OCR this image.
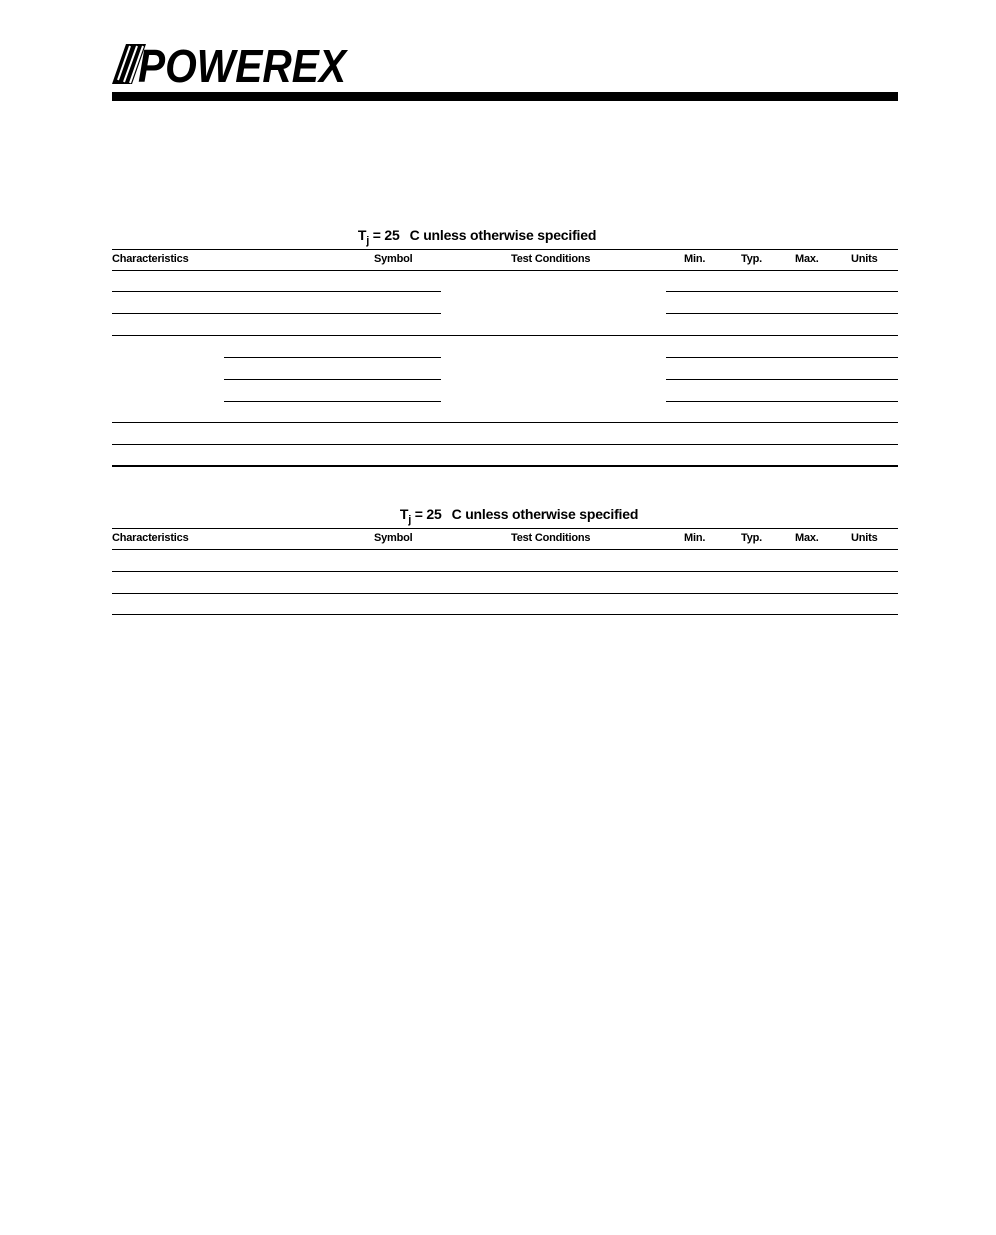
POWEREX
$T_j = 25$ C unless otherwise specified
Characteristics	Symbol	Test Conditions	Min.	Typ.	Max.	Units
$T_j = 25$ C unless otherwise specified
Characteristics	Symbol	Test Conditions	Min.	Typ.	Max.	Units
